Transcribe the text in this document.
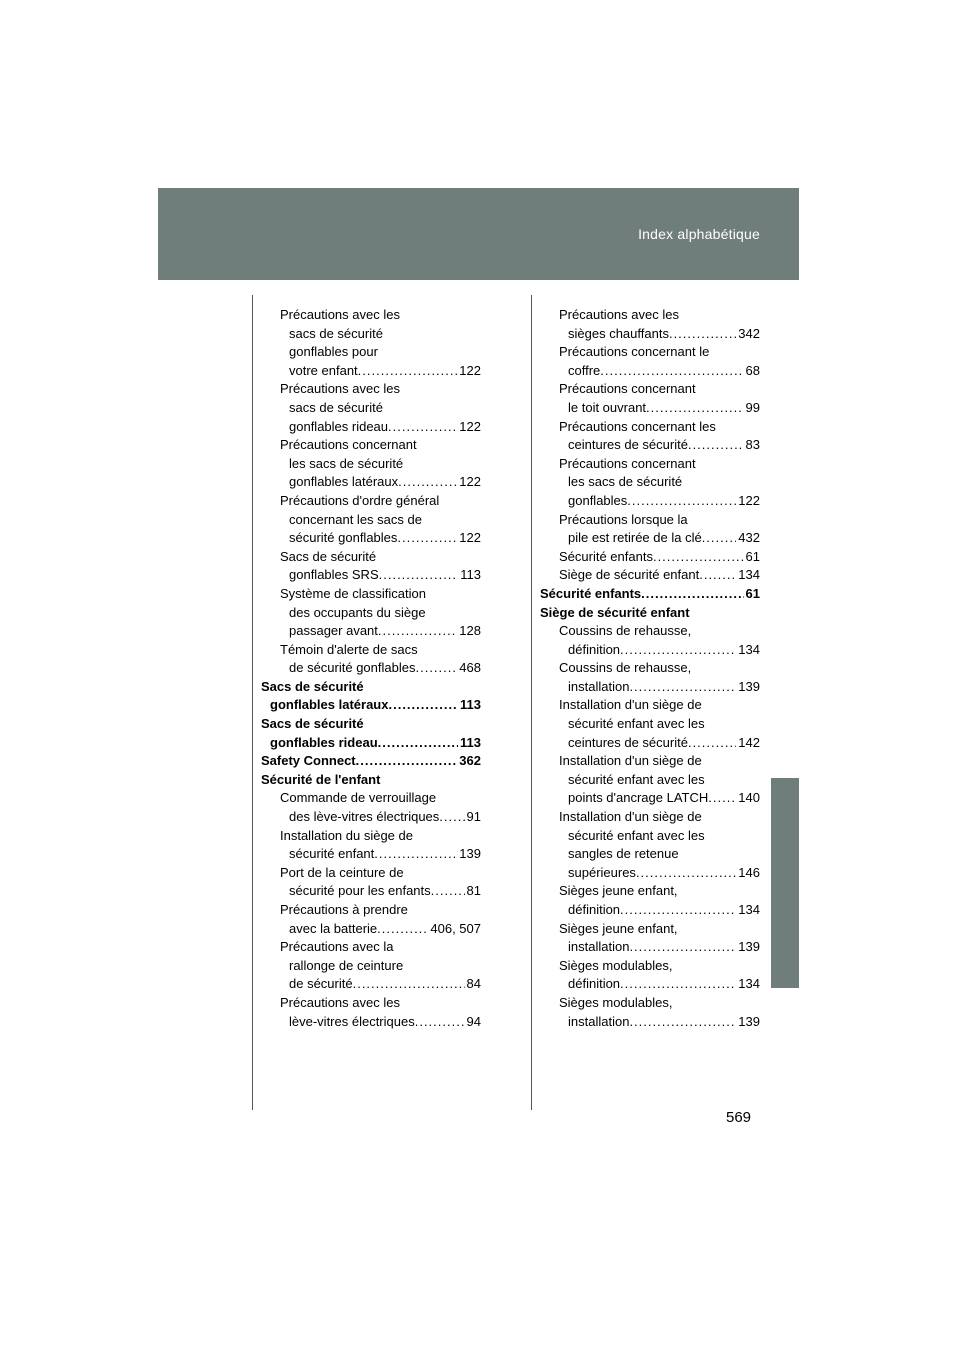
Index alphabétique
Précautions avec les
sacs de sécurité
gonflables pour
votre enfant .....	122
Précautions avec les
sacs de sécurité
gonflables rideau .....	122
Précautions concernant
les sacs de sécurité
gonflables latéraux .....	122
Précautions d'ordre général
concernant les sacs de
sécurité gonflables .....	122
Sacs de sécurité
gonflables SRS .....	113
Système de classification
des occupants du siège
passager avant .....	128
Témoin d'alerte de sacs
de sécurité gonflables .....	468
Sacs de sécurité
gonflables latéraux .....	113
Sacs de sécurité
gonflables rideau .....	113
Safety Connect .....	362
Sécurité de l'enfant
Commande de verrouillage
des lève-vitres électriques ..... 91
Installation du siège de
sécurité enfant .....	139
Port de la ceinture de
sécurité pour les enfants .....	81
Précautions à prendre
avec la batterie .....	406, 507
Précautions avec la
rallonge de ceinture
de sécurité .....	84
Précautions avec les
lève-vitres électriques .....	94
Précautions avec les
sièges chauffants .....	342
Précautions concernant le
coffre .....	68
Précautions concernant
le toit ouvrant .....	99
Précautions concernant les
ceintures de sécurité .....	83
Précautions concernant
les sacs de sécurité
gonflables .....	122
Précautions lorsque la
pile est retirée de la clé .....	432
Sécurité enfants .....	61
Siège de sécurité enfant .....	134
Sécurité enfants .....	61
Siège de sécurité enfant
Coussins de rehausse,
définition .....	134
Coussins de rehausse,
installation .....	139
Installation d'un siège de
sécurité enfant avec les
ceintures de sécurité .....	142
Installation d'un siège de
sécurité enfant avec les
points d'ancrage LATCH ..... 140
Installation d'un siège de
sécurité enfant avec les
sangles de retenue
supérieures .....	146
Sièges jeune enfant,
définition .....	134
Sièges jeune enfant,
installation .....	139
Sièges modulables,
définition .....	134
Sièges modulables,
installation .....	139
569
